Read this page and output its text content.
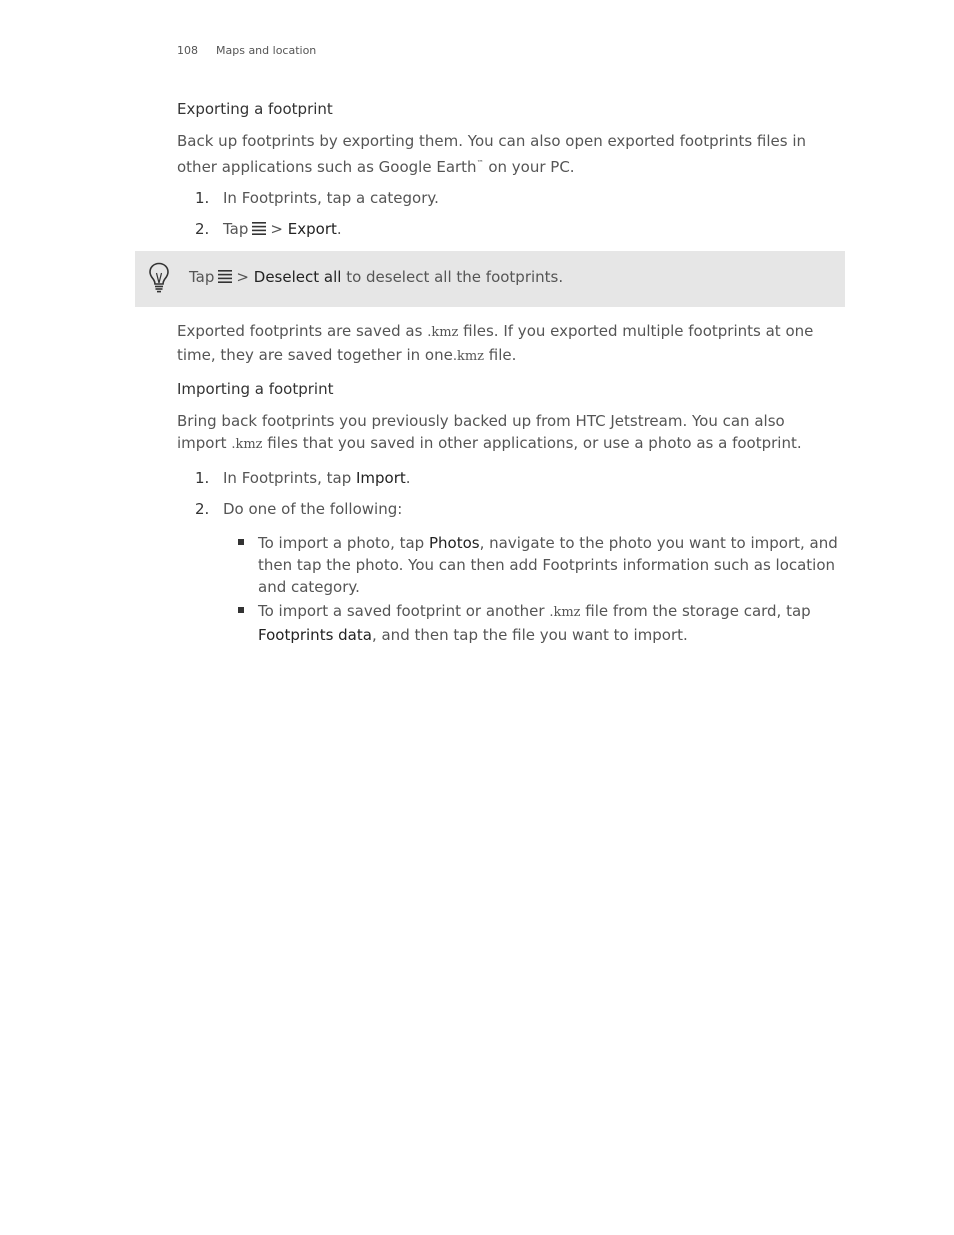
108 Maps and location
Exporting a footprint
Back up footprints by exporting them. You can also open exported footprints files in other applications such as Google Earth™ on your PC.
1. In Footprints, tap a category.
2. Tap > Export.
Tap > Deselect all to deselect all the footprints.
Exported footprints are saved as .kmz files. If you exported multiple footprints at one time, they are saved together in one.kmz file.
Importing a footprint
Bring back footprints you previously backed up from HTC Jetstream. You can also import .kmz files that you saved in other applications, or use a photo as a footprint.
1. In Footprints, tap Import.
2. Do one of the following:
To import a photo, tap Photos, navigate to the photo you want to import, and then tap the photo. You can then add Footprints information such as location and category.
To import a saved footprint or another .kmz file from the storage card, tap Footprints data, and then tap the file you want to import.
